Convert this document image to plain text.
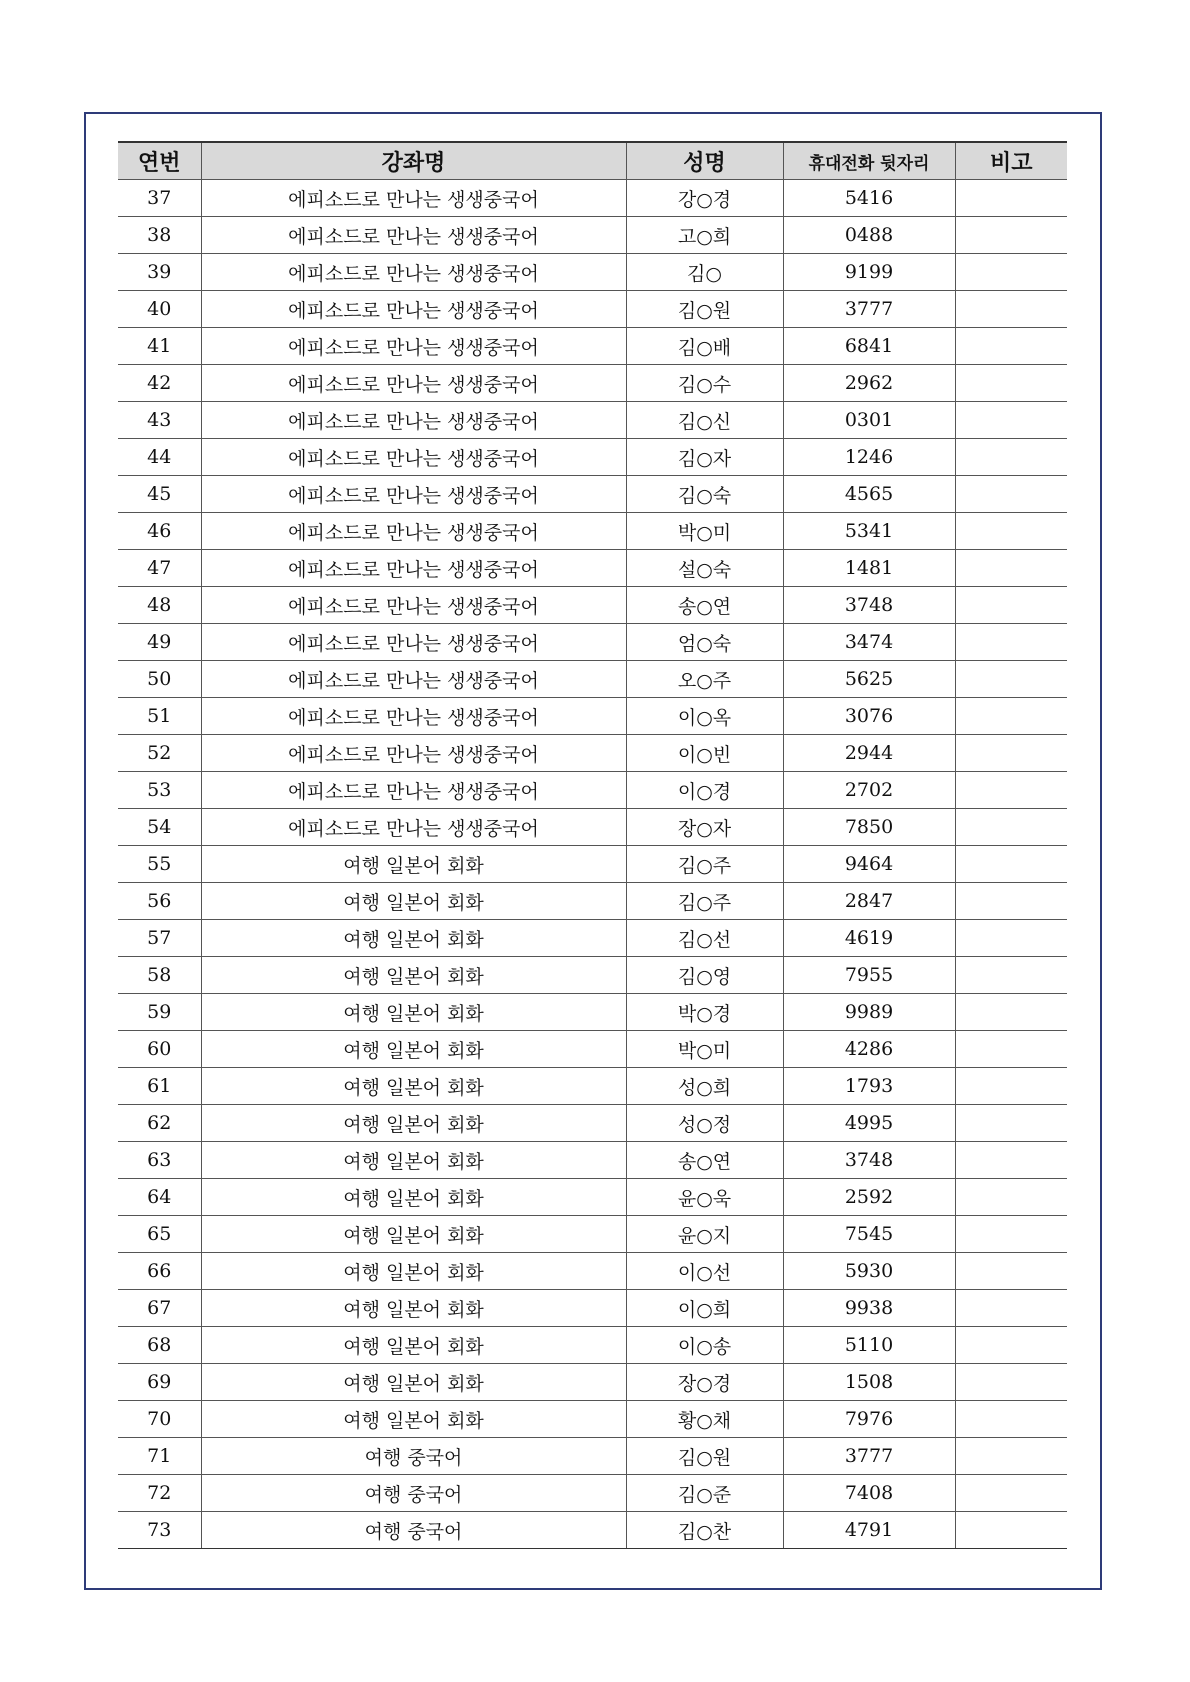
연번	강좌명	성명	휴대전화 뒷자리	비고
37	에피소드로 만나는 생생중국어	강○경	5416	
38	에피소드로 만나는 생생중국어	고○희	0488	
39	에피소드로 만나는 생생중국어	김○	9199	
40	에피소드로 만나는 생생중국어	김○원	3777	
41	에피소드로 만나는 생생중국어	김○배	6841	
42	에피소드로 만나는 생생중국어	김○수	2962	
43	에피소드로 만나는 생생중국어	김○신	0301	
44	에피소드로 만나는 생생중국어	김○자	1246	
45	에피소드로 만나는 생생중국어	김○숙	4565	
46	에피소드로 만나는 생생중국어	박○미	5341	
47	에피소드로 만나는 생생중국어	설○숙	1481	
48	에피소드로 만나는 생생중국어	송○연	3748	
49	에피소드로 만나는 생생중국어	엄○숙	3474	
50	에피소드로 만나는 생생중국어	오○주	5625	
51	에피소드로 만나는 생생중국어	이○옥	3076	
52	에피소드로 만나는 생생중국어	이○빈	2944	
53	에피소드로 만나는 생생중국어	이○경	2702	
54	에피소드로 만나는 생생중국어	장○자	7850	
55	여행 일본어 회화	김○주	9464	
56	여행 일본어 회화	김○주	2847	
57	여행 일본어 회화	김○선	4619	
58	여행 일본어 회화	김○영	7955	
59	여행 일본어 회화	박○경	9989	
60	여행 일본어 회화	박○미	4286	
61	여행 일본어 회화	성○희	1793	
62	여행 일본어 회화	성○정	4995	
63	여행 일본어 회화	송○연	3748	
64	여행 일본어 회화	윤○욱	2592	
65	여행 일본어 회화	윤○지	7545	
66	여행 일본어 회화	이○선	5930	
67	여행 일본어 회화	이○희	9938	
68	여행 일본어 회화	이○송	5110	
69	여행 일본어 회화	장○경	1508	
70	여행 일본어 회화	황○채	7976	
71	여행 중국어	김○원	3777	
72	여행 중국어	김○준	7408	
73	여행 중국어	김○찬	4791	
